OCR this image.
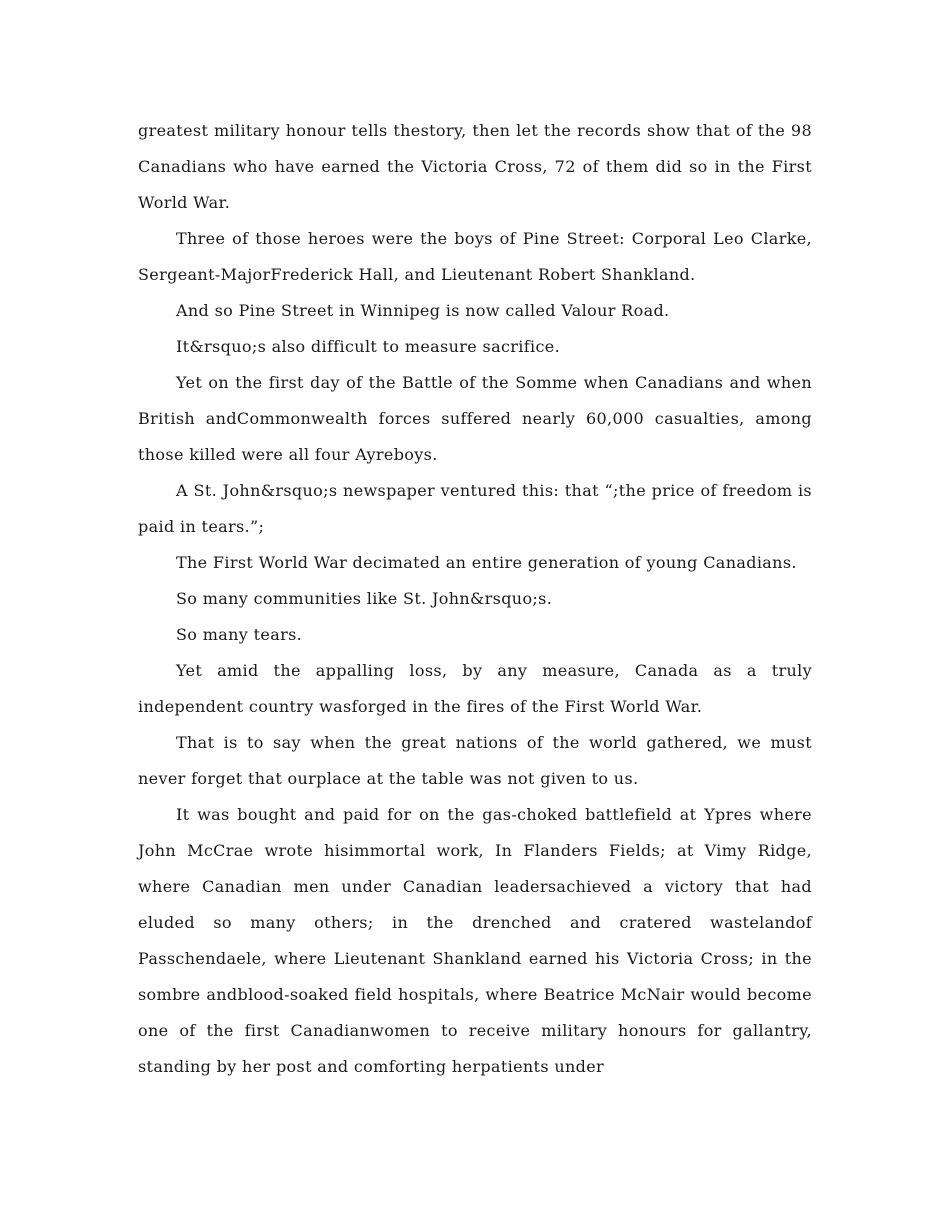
greatest military honour tells thestory, then let the records show that of the 98 Canadians who have earned the Victoria Cross, 72 of them did so in the First World War.

Three of those heroes were the boys of Pine Street: Corporal Leo Clarke, Sergeant-MajorFrederick Hall, and Lieutenant Robert Shankland.

And so Pine Street in Winnipeg is now called Valour Road.

It&rsquo;s also difficult to measure sacrifice.

Yet on the first day of the Battle of the Somme when Canadians and when British andCommonwealth forces suffered nearly 60,000 casualties, among those killed were all four Ayreboys.

A St. John&rsquo;s newspaper ventured this: that “;the price of freedom is paid in tears.”;

The First World War decimated an entire generation of young Canadians.

So many communities like St. John&rsquo;s.

So many tears.

Yet amid the appalling loss, by any measure, Canada as a truly independent country wasforged in the fires of the First World War.

That is to say when the great nations of the world gathered, we must never forget that ourplace at the table was not given to us.

It was bought and paid for on the gas-choked battlefield at Ypres where John McCrae wrote hisimmortal work, In Flanders Fields; at Vimy Ridge, where Canadian men under Canadian leadersachieved a victory that had eluded so many others; in the drenched and cratered wastelandof Passchendaele, where Lieutenant Shankland earned his Victoria Cross; in the sombre andblood-soaked field hospitals, where Beatrice McNair would become one of the first Canadianwomen to receive military honours for gallantry, standing by her post and comforting herpatients under
